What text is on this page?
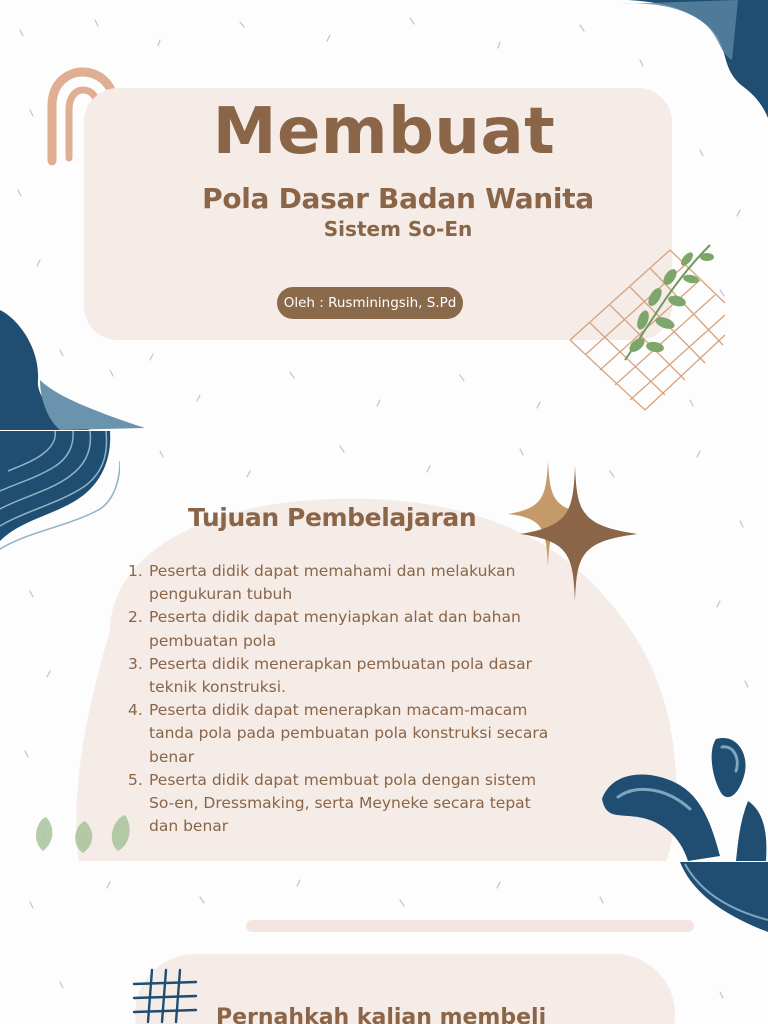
Membuat
Pola Dasar Badan Wanita
Sistem So-En
Oleh : Rusminingsih, S.Pd
Tujuan Pembelajaran
1. Peserta didik dapat memahami dan melakukan
pengukuran tubuh
2. Peserta didik dapat menyiapkan alat dan bahan
pembuatan pola
3. Peserta didik menerapkan pembuatan pola dasar
teknik konstruksi.
4. Peserta didik dapat menerapkan macam-macam
tanda pola pada pembuatan pola konstruksi secara
benar
5. Peserta didik dapat membuat pola dengan sistem
So-en, Dressmaking, serta Meyneke secara tepat
dan benar
Pernahkah kalian membeli
